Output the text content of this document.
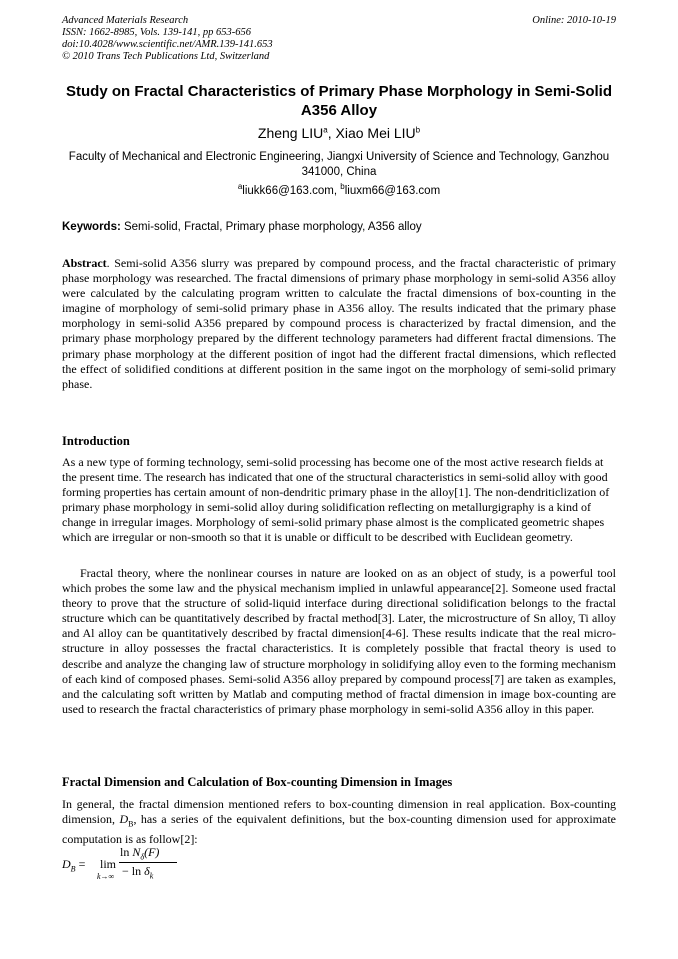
Advanced Materials Research
ISSN: 1662-8985, Vols. 139-141, pp 653-656
doi:10.4028/www.scientific.net/AMR.139-141.653
© 2010 Trans Tech Publications Ltd, Switzerland
Online: 2010-10-19
Study on Fractal Characteristics of Primary Phase Morphology in Semi-Solid A356 Alloy
Zheng LIU$^a$, Xiao Mei LIU$^b$
Faculty of Mechanical and Electronic Engineering, Jiangxi University of Science and Technology, Ganzhou 341000, China
$^a$liukk66@163.com, $^b$liuxm66@163.com
Keywords: Semi-solid, Fractal, Primary phase morphology, A356 alloy
Abstract. Semi-solid A356 slurry was prepared by compound process, and the fractal characteristic of primary phase morphology was researched. The fractal dimensions of primary phase morphology in semi-solid A356 alloy were calculated by the calculating program written to calculate the fractal dimensions of box-counting in the imagine of morphology of semi-solid primary phase in A356 alloy. The results indicated that the primary phase morphology in semi-solid A356 prepared by compound process is characterized by fractal dimension, and the primary phase morphology prepared by the different technology parameters had different fractal dimensions. The primary phase morphology at the different position of ingot had the different fractal dimensions, which reflected the effect of solidified conditions at different position in the same ingot on the morphology of semi-solid primary phase.
Introduction
As a new type of forming technology, semi-solid processing has become one of the most active research fields at the present time. The research has indicated that one of the structural characteristics in semi-solid alloy with good forming properties has certain amount of non-dendritic primary phase in the alloy[1]. The non-dendriticlization of primary phase morphology in semi-solid alloy during solidification reflecting on metallurgigraphy is a kind of change in irregular images. Morphology of semi-solid primary phase almost is the complicated geometric shapes which are irregular or non-smooth so that it is unable or difficult to be described with Euclidean geometry.
Fractal theory, where the nonlinear courses in nature are looked on as an object of study, is a powerful tool which probes the some law and the physical mechanism implied in unlawful appearance[2]. Someone used fractal theory to prove that the structure of solid-liquid interface during directional solidification belongs to the fractal structure which can be quantitatively described by fractal method[3]. Later, the microstructure of Sn alloy, Ti alloy and Al alloy can be quantitatively described by fractal dimension[4-6]. These results indicate that the real micro-structure in alloy possesses the fractal characteristics. It is completely possible that fractal theory is used to describe and analyze the changing law of structure morphology in solidifying alloy even to the forming mechanism of each kind of composed phases. Semi-solid A356 alloy prepared by compound process[7] are taken as examples, and the calculating soft written by Matlab and computing method of fractal dimension in image box-counting are used to research the fractal characteristics of primary phase morphology in semi-solid A356 alloy in this paper.
Fractal Dimension and Calculation of Box-counting Dimension in Images
In general, the fractal dimension mentioned refers to box-counting dimension in real application. Box-counting dimension, $D_B$, has a series of the equivalent definitions, but the box-counting dimension used for approximate computation is as follow[2]:
$D_B = \lim$
k→∞
$\ln N_\delta(F)$
− $\ln \delta_k$
